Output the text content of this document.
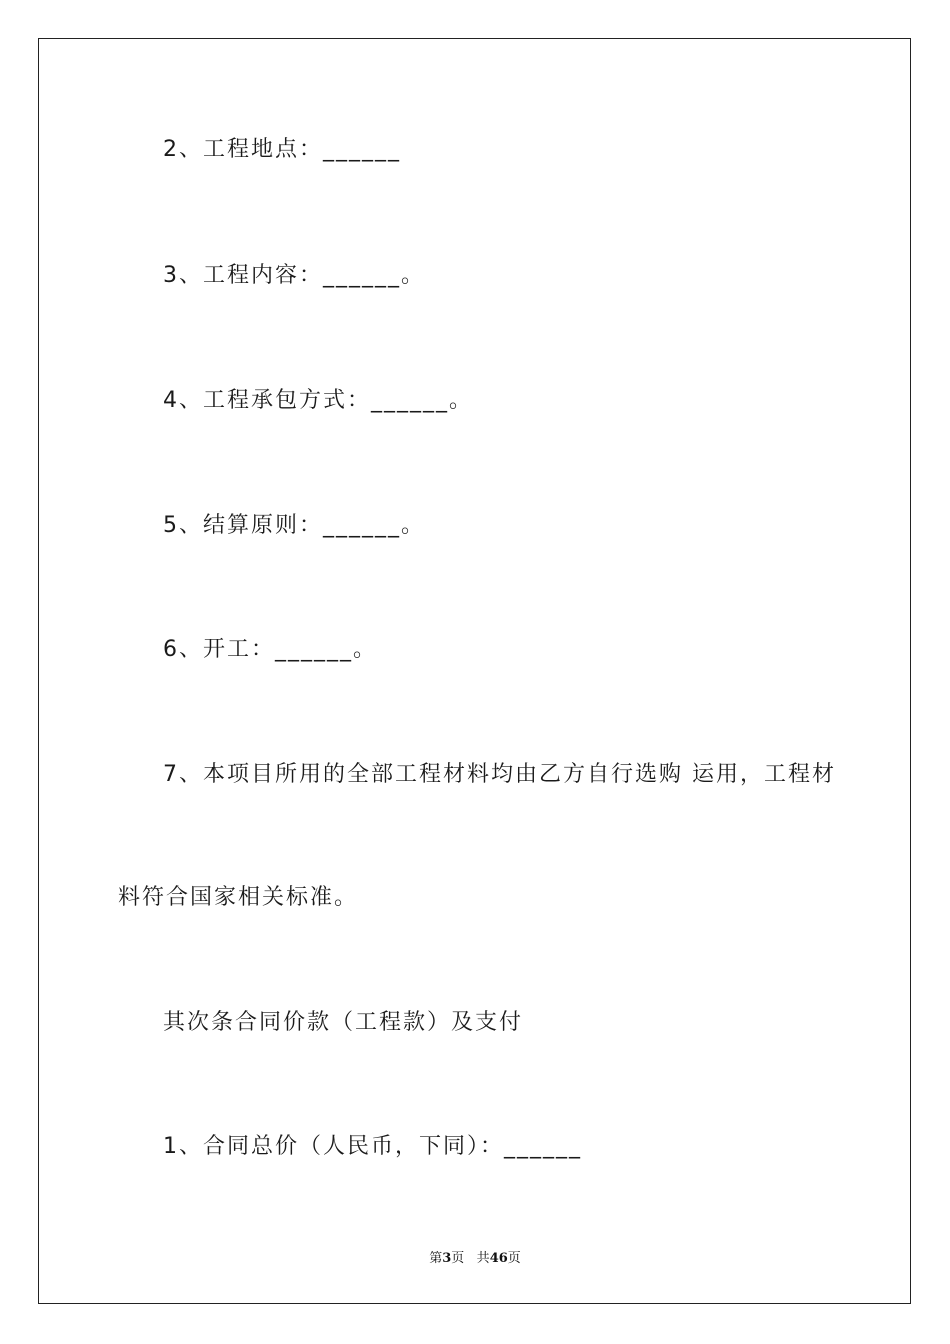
2、工程地点：______
3、工程内容：______。
4、工程承包方式：______。
5、结算原则：______。
6、开工：______。
7、本项目所用的全部工程材料均由乙方自行选购 运用，工程材
料符合国家相关标准。
其次条合同价款（工程款）及支付
1、合同总价（人民币，下同）：______
第3页 共46页
